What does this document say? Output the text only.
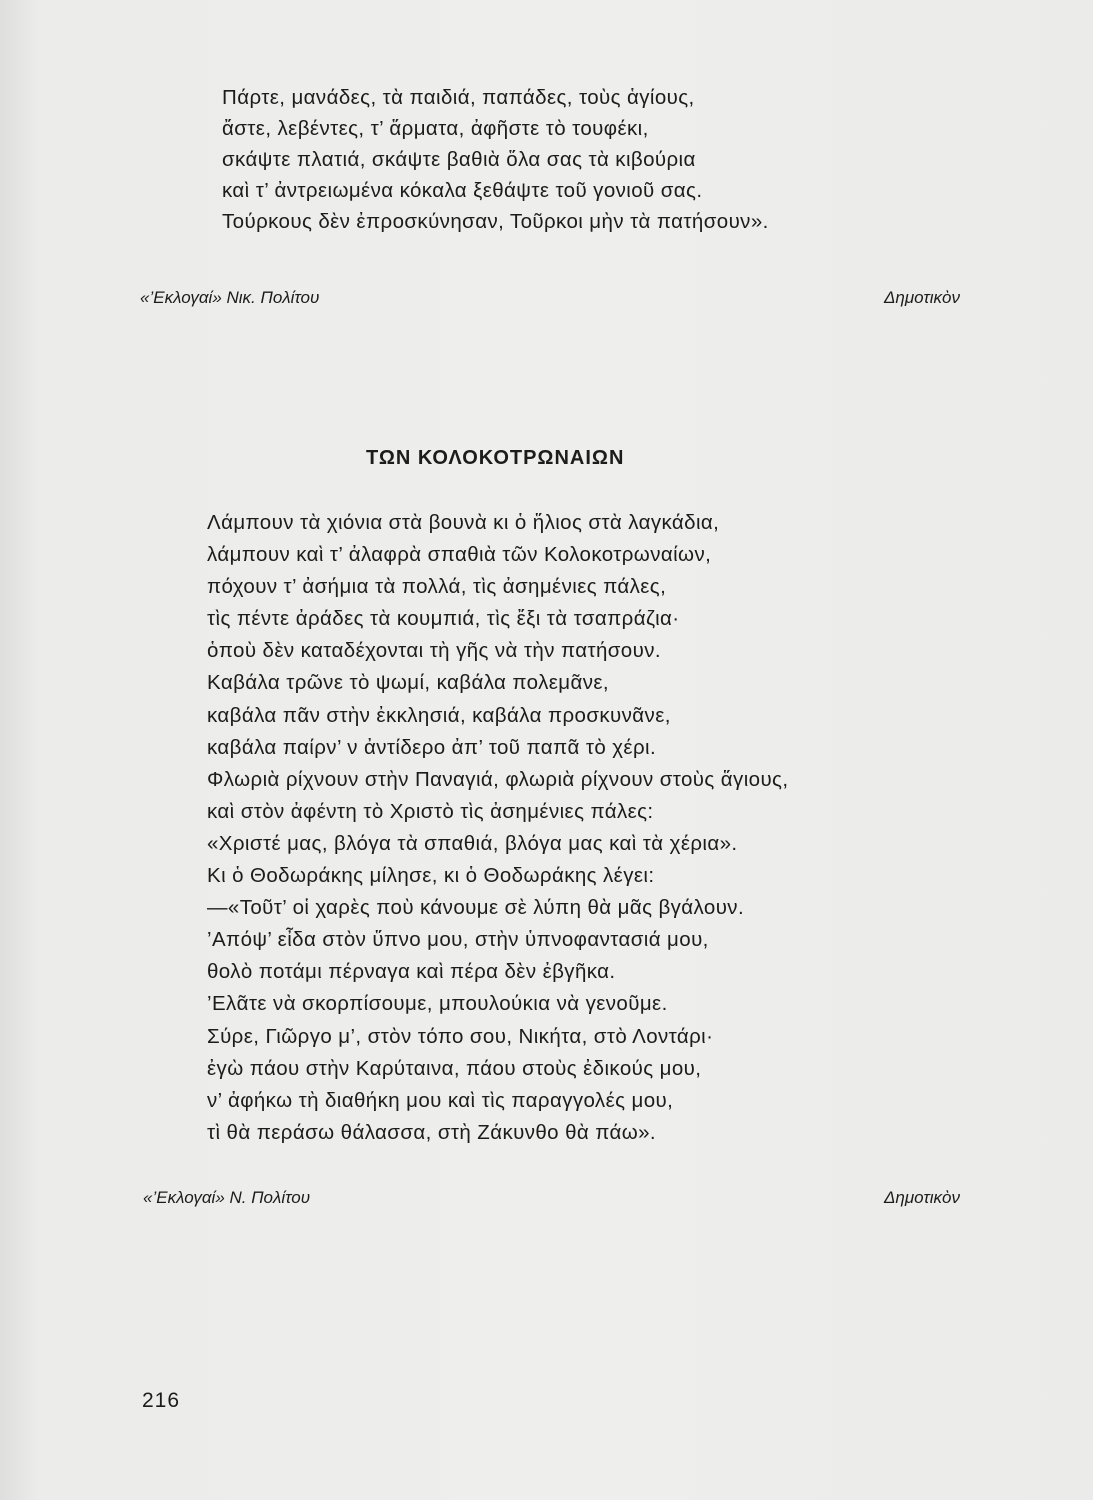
Πάρτε, μανάδες, τὰ παιδιά, παπάδες, τοὺς ἁγίους,
ἄστε, λεβέντες, τ’ ἅρματα, ἀφῆστε τὸ τουφέκι,
σκάψτε πλατιά, σκάψτε βαθιὰ ὅλα σας τὰ κιβούρια
καὶ τ’ ἀντρειωμένα κόκαλα ξεθάψτε τοῦ γονιοῦ σας.
Τούρκους δὲν ἐπροσκύνησαν, Τοῦρκοι μὴν τὰ πατήσουν».
«’Εκλογαί» Νικ. Πολίτου	Δημοτικὸν
ΤΩΝ ΚΟΛΟΚΟΤΡΩΝΑΙΩΝ
Λάμπουν τὰ χιόνια στὰ βουνὰ κι ὁ ἥλιος στὰ λαγκάδια,
λάμπουν καὶ τ’ ἀλαφρὰ σπαθιὰ τῶν Κολοκοτρωναίων,
πόχουν τ’ ἀσήμια τὰ πολλά, τὶς ἀσημένιες πάλες,
τὶς πέντε ἀράδες τὰ κουμπιά, τὶς ἔξι τὰ τσαπράζια·
ὁποὺ δὲν καταδέχονται τὴ γῆς νὰ τὴν πατήσουν.
Καβάλα τρῶνε τὸ ψωμί, καβάλα πολεμᾶνε,
καβάλα πᾶν στὴν ἐκκλησιά, καβάλα προσκυνᾶνε,
καβάλα παίρν’ ν ἀντίδερο ἀπ’ τοῦ παπᾶ τὸ χέρι.
Φλωριὰ ρίχνουν στὴν Παναγιά, φλωριὰ ρίχνουν στοὺς ἅγιους,
καὶ στὸν ἀφέντη τὸ Χριστὸ τὶς ἀσημένιες πάλες:
«Χριστέ μας, βλόγα τὰ σπαθιά, βλόγα μας καὶ τὰ χέρια».
Κι ὁ Θοδωράκης μίλησε, κι ὁ Θοδωράκης λέγει:
—«Τοῦτ’ οἱ χαρὲς ποὺ κάνουμε σὲ λύπη θὰ μᾶς βγάλουν.
’Απόψ’ εἶδα στὸν ὕπνο μου, στὴν ὑπνοφαντασιά μου,
θολὸ ποτάμι πέρναγα καὶ πέρα δὲν ἐβγῆκα.
’Ελᾶτε νὰ σκορπίσουμε, μπουλούκια νὰ γενοῦμε.
Σύρε, Γιῶργο μ’, στὸν τόπο σου, Νικήτα, στὸ Λοντάρι·
ἐγὼ πάου στὴν Καρύταινα, πάου στοὺς ἐδικούς μου,
ν’ ἀφήκω τὴ διαθήκη μου καὶ τὶς παραγγολές μου,
τὶ θὰ περάσω θάλασσα, στὴ Ζάκυνθο θὰ πάω».
«’Εκλογαί» Ν. Πολίτου	Δημοτικὸν
216
